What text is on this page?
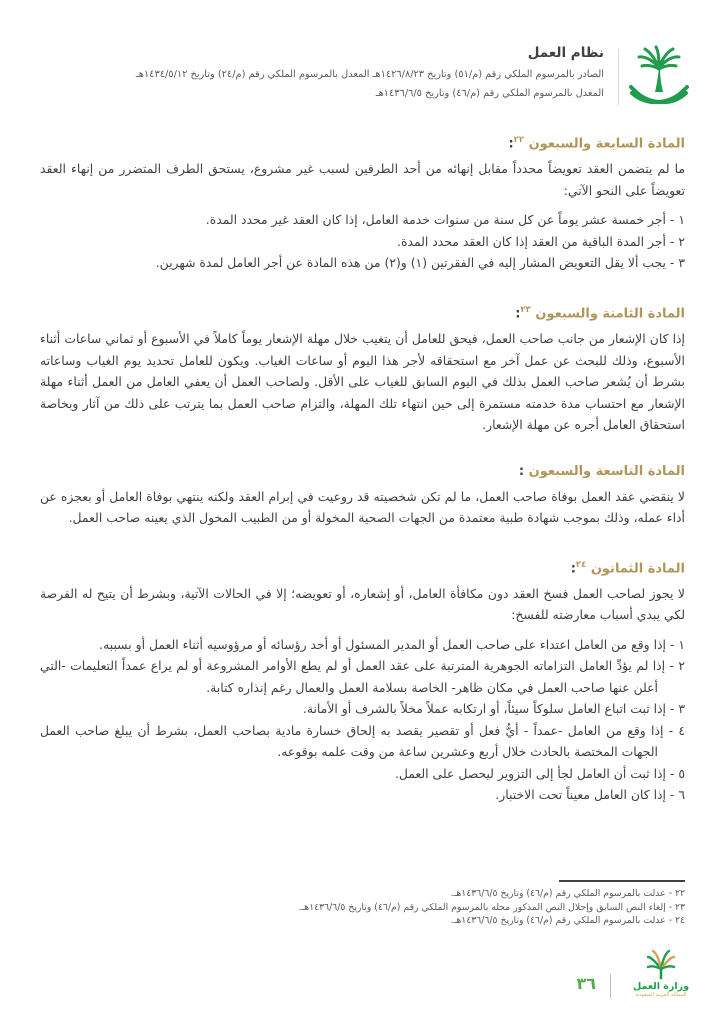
نظام العمل
الصادر بالمرسوم الملكي رقم (م/٥١) وتاريخ ١٤٢٦/٨/٢٣هـ المعدل بالمرسوم الملكي رقم (م/٢٤) وتاريخ ١٤٣٤/٥/١٢هـ
المعدل بالمرسوم الملكي رقم (م/٤٦) وتاريخ ١٤٣٦/٦/٥هـ
المادة السابعة والسبعون $^{٢٢}$:
ما لم يتضمن العقد تعويضاً محدداً مقابل إنهائه من أحد الطرفين لسبب غير مشروع، يستحق الطرف المتضرر من إنهاء العقد تعويضاً على النحو الآتي:
١ - أجر خمسة عشر يوماً عن كل سنة من سنوات خدمة العامل، إذا كان العقد غير محدد المدة.
٢ - أجر المدة الباقية من العقد إذا كان العقد محدد المدة.
٣ - يجب ألا يقل التعويض المشار إليه في الفقرتين (١) و(٢) من هذه المادة عن أجر العامل لمدة شهرين.
المادة الثامنة والسبعون $^{٢٣}$:
إذا كان الإشعار من جانب صاحب العمل، فيحق للعامل أن يتغيب خلال مهلة الإشعار يوماً كاملاً في الأسبوع أو ثماني ساعات أثناء الأسبوع، وذلك للبحث عن عمل آخر مع استحقاقه لأجر هذا اليوم أو ساعات الغياب. ويكون للعامل تحديد يوم الغياب وساعاته بشرط أن يُشعر صاحب العمل بذلك في اليوم السابق للغياب على الأقل. ولصاحب العمل أن يعفي العامل من العمل أثناء مهلة الإشعار مع احتساب مدة خدمته مستمرة إلى حين انتهاء تلك المهلة، والتزام صاحب العمل بما يترتب على ذلك من آثار وبخاصة استحقاق العامل أجره عن مهلة الإشعار.
المادة التاسعة والسبعون :
لا ينقضي عقد العمل بوفاة صاحب العمل، ما لم تكن شخصيته قد روعيت في إبرام العقد ولكنه ينتهي بوفاة العامل أو بعجزه عن أداء عمله، وذلك بموجب شهادة طبية معتمدة من الجهات الصحية المخولة أو من الطبيب المخول الذي يعينه صاحب العمل.
المادة الثمانون $^{٢٤}$:
لا يجوز لصاحب العمل فسخ العقد دون مكافأة العامل، أو إشعاره، أو تعويضه؛ إلا في الحالات الآتية، وبشرط أن يتيح له الفرصة لكي يبدي أسباب معارضته للفسخ:
١ - إذا وقع من العامل اعتداء على صاحب العمل أو المدير المسئول أو أحد رؤسائه أو مرؤوسيه أثناء العمل أو بسببه.
٢ - إذا لم يؤدِّ العامل التزاماته الجوهرية المترتبة على عقد العمل أو لم يطع الأوامر المشروعة أو لم يراع عمداً التعليمات -التي أعلن عنها صاحب العمل في مكان ظاهر- الخاصة بسلامة العمل والعمال رغم إنذاره كتابة.
٣ - إذا ثبت اتباع العامل سلوكاً سيئاً، أو ارتكابه عملاً مخلاً بالشرف أو الأمانة.
٤ - إذا وقع من العامل -عمداً - أيُّ فعل أو تقصير يقصد به إلحاق خسارة مادية بصاحب العمل، بشرط أن يبلغ صاحب العمل الجهات المختصة بالحادث خلال أربع وعشرين ساعة من وقت علمه بوقوعه.
٥ - إذا ثبت أن العامل لجأ إلى التزوير ليحصل على العمل.
٦ - إذا كان العامل معيناً تحت الاختبار.
٢٢ - عدلت بالمرسوم الملكي رقم (م/٤٦) وتاريخ ١٤٣٦/٦/٥هـ.
٢٣ - إلغاء النص السابق وإحلال النص المذكور محله بالمرسوم الملكي رقم (م/٤٦) وتاريخ ١٤٣٦/٦/٥هـ.
٢٤ - عدلت بالمرسوم الملكي رقم (م/٤٦) وتاريخ ١٤٣٦/٦/٥هـ.
وزارة العمل
المملكة العربية السعودية
٣٦
